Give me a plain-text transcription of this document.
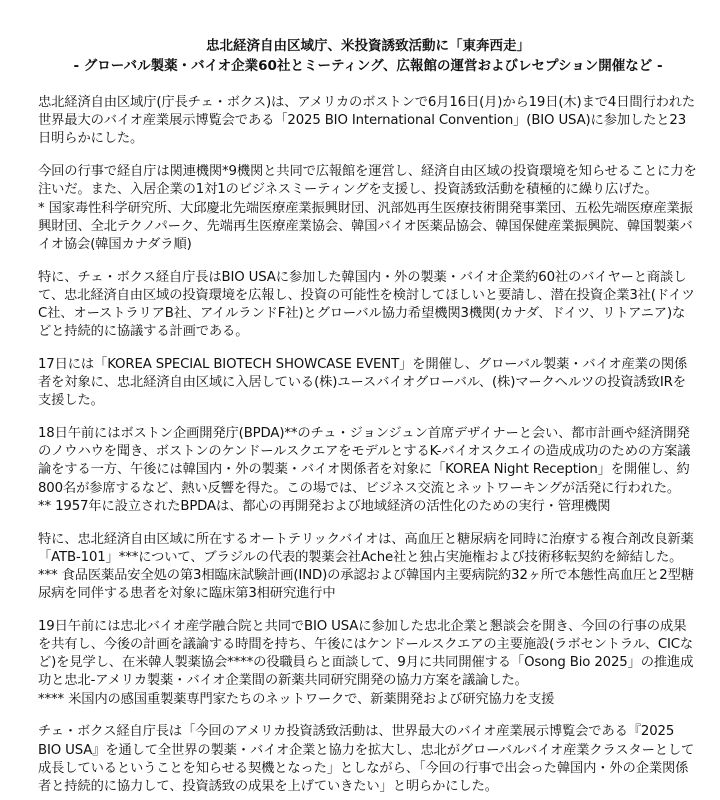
忠北経済自由区域庁、米投資誘致活動に「東奔西走」
- グローバル製薬・バイオ企業60社とミーティング、広報館の運営およびレセプション開催など -
忠北経済自由区域庁(庁長チェ・ボクス)は、アメリカのボストンで6月16日(月)から19日(木)まで4日間行われた世界最大のバイオ産業展示博覧会である「2025 BIO International Convention」(BIO USA)に参加したと23日明らかにした。
今回の行事で経自庁は関連機関*9機関と共同で広報館を運営し、経済自由区域の投資環境を知らせることに力を注いだ。また、入居企業の1対1のビジネスミーティングを支援し、投資誘致活動を積極的に繰り広げた。
* 国家毒性科学研究所、大邱慶北先端医療産業振興財団、汎部処再生医療技術開発事業団、五松先端医療産業振興財団、全北テクノパーク、先端再生医療産業協会、韓国バイオ医薬品協会、韓国保健産業振興院、韓国製薬バイオ協会(韓国カナダラ順)
特に、チェ・ボクス経自庁長はBIO USAに参加した韓国内・外の製薬・バイオ企業約60社のバイヤーと商談して、忠北経済自由区域の投資環境を広報し、投資の可能性を検討してほしいと要請し、潜在投資企業3社(ドイツC社、オーストラリアB社、アイルランドF社)とグローバル協力希望機関3機関(カナダ、ドイツ、リトアニア)などと持続的に協議する計画である。
17日には「KOREA SPECIAL BIOTECH SHOWCASE EVENT」を開催し、グローバル製薬・バイオ産業の関係者を対象に、忠北経済自由区域に入居している(株)ユースバイオグローバル、(株)マークヘルツの投資誘致IRを支援した。
18日午前にはボストン企画開発庁(BPDA)**のチュ・ジョンジュン首席デザイナーと会い、都市計画や経済開発のノウハウを聞き、ボストンのケンドールスクエアをモデルとするK-バイオスクエイの造成成功のための方案議論をする一方、午後には韓国内・外の製薬・バイオ関係者を対象に「KOREA Night Reception」を開催し、約800名が参席するなど、熱い反響を得た。この場では、ビジネス交流とネットワーキングが活発に行われた。
** 1957年に設立されたBPDAは、都心の再開発および地域経済の活性化のための実行・管理機関
特に、忠北経済自由区域に所在するオートテリックバイオは、高血圧と糖尿病を同時に治療する複合剤改良新薬「ATB-101」***について、ブラジルの代表的製薬会社Ache社と独占実施権および技術移転契約を締結した。
*** 食品医薬品安全処の第3相臨床試験計画(IND)の承認および韓国内主要病院約32ヶ所で本態性高血圧と2型糖尿病を同伴する患者を対象に臨床第3相研究進行中
19日午前には忠北バイオ産学融合院と共同でBIO USAに参加した忠北企業と懇談会を開き、今回の行事の成果を共有し、今後の計画を議論する時間を持ち、午後にはケンドールスクエアの主要施設(ラボセントラル、CICなど)を見学し、在米韓人製薬協会****の役職員らと面談して、9月に共同開催する「Osong Bio 2025」の推進成功と忠北-アメリカ製薬・バイオ企業間の新薬共同研究開発の協力方案を議論した。
**** 米国内の感国重製薬専門家たちのネットワークで、新薬開発および研究協力を支援
チェ・ボクス経自庁長は「今回のアメリカ投資誘致活動は、世界最大のバイオ産業展示博覧会である『2025 BIO USA』を通して全世界の製薬・バイオ企業と協力を拡大し、忠北がグローバルバイオ産業クラスターとして成長しているということを知らせる契機となった」としながら、「今回の行事で出会った韓国内・外の企業関係者と持続的に協力して、投資誘致の成果を上げていきたい」と明らかにした。
